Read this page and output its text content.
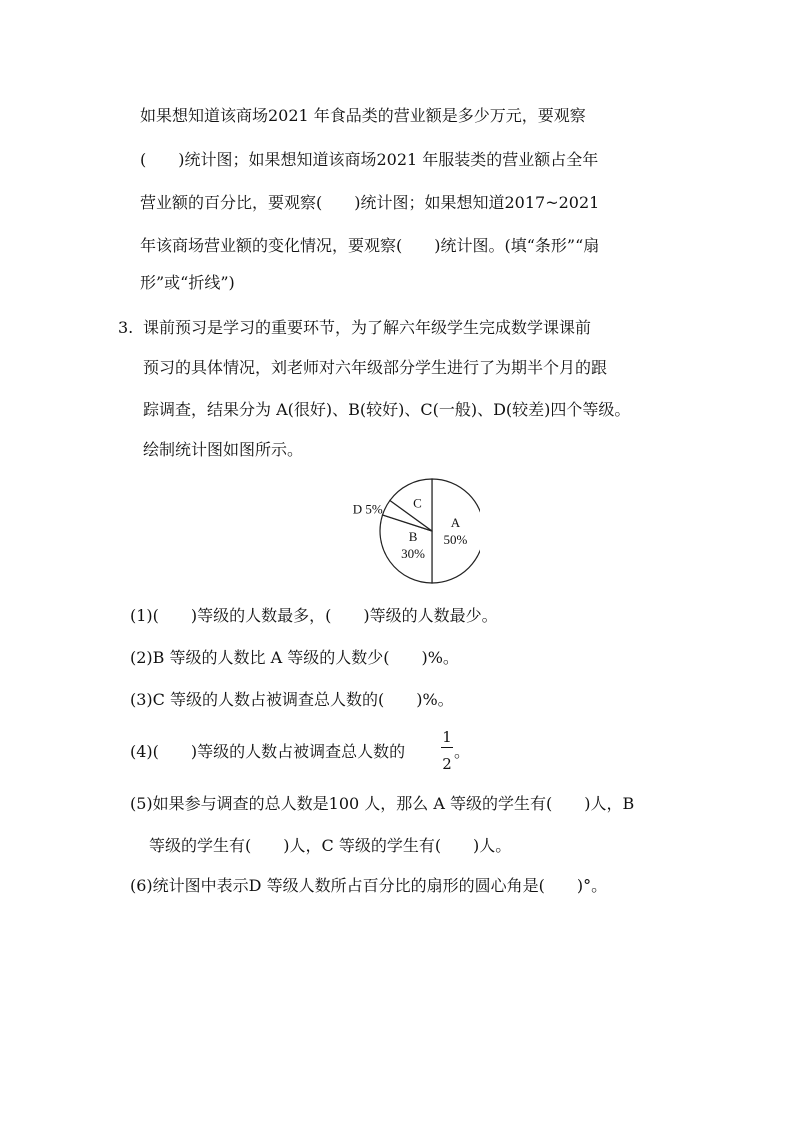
如果想知道该商场2021 年食品类的营业额是多少万元，要观察
(　　)统计图；如果想知道该商场2021 年服装类的营业额占全年
营业额的百分比，要观察(　　)统计图；如果想知道2017~2021
年该商场营业额的变化情况，要观察(　　)统计图。(填“条形”“扇
形”或“折线”)
3. 课前预习是学习的重要环节，为了解六年级学生完成数学课课前
预习的具体情况，刘老师对六年级部分学生进行了为期半个月的跟
踪调查，结果分为 A(很好)、B(较好)、C(一般)、D(较差)四个等级。
绘制统计图如图所示。
A
50%
B
30%
D 5% C
(1)(　　)等级的人数最多，(　　)等级的人数最少。
(2)B 等级的人数比 A 等级的人数少(　　)%。
(3)C 等级的人数占被调查总人数的(　　)%。
(4)(　　)等级的人数占被调查总人数的
1
2
。
(5)如果参与调查的总人数是100 人，那么 A 等级的学生有(　　)人，B
等级的学生有(　　)人，C 等级的学生有(　　)人。
(6)统计图中表示D 等级人数所占百分比的扇形的圆心角是(　　)°。
